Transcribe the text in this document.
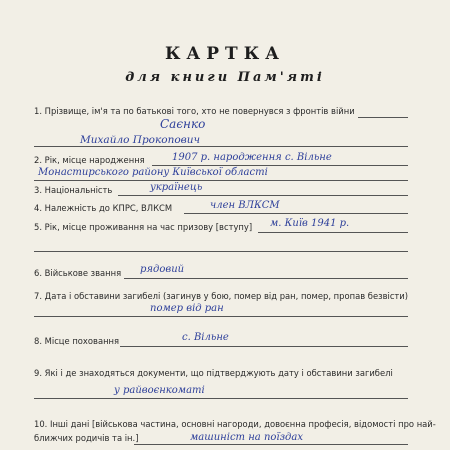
КАРТКА
для книги Пам'яті
1. Прізвище, ім'я та по батькові того, хто не повернувся з фронтів війни
Саєнко
Михайло Прокопович
2. Рік, місце народження	1907 р. народження с. Вільне
Монастирського району Київської області
3. Національність	українець
4. Належність до КПРС, ВЛКСМ	член ВЛКСМ
5. Рік, місце проживання на час призову [вступу] м. Київ 1941 р.
6. Військове звання рядовий
7. Дата і обставини загибелі (загинув у бою, помер від ран, помер, пропав безвісти)
помер від ран
8. Місце поховання	с. Вільне
9. Які і де знаходяться документи, що підтверджують дату і обставини загибелі
у райвоєнкоматі
10. Інші дані [військова частина, основні нагороди, довоєнна професія, відомості про най-
ближчих родичів та ін.]	машиніст на поїздах
